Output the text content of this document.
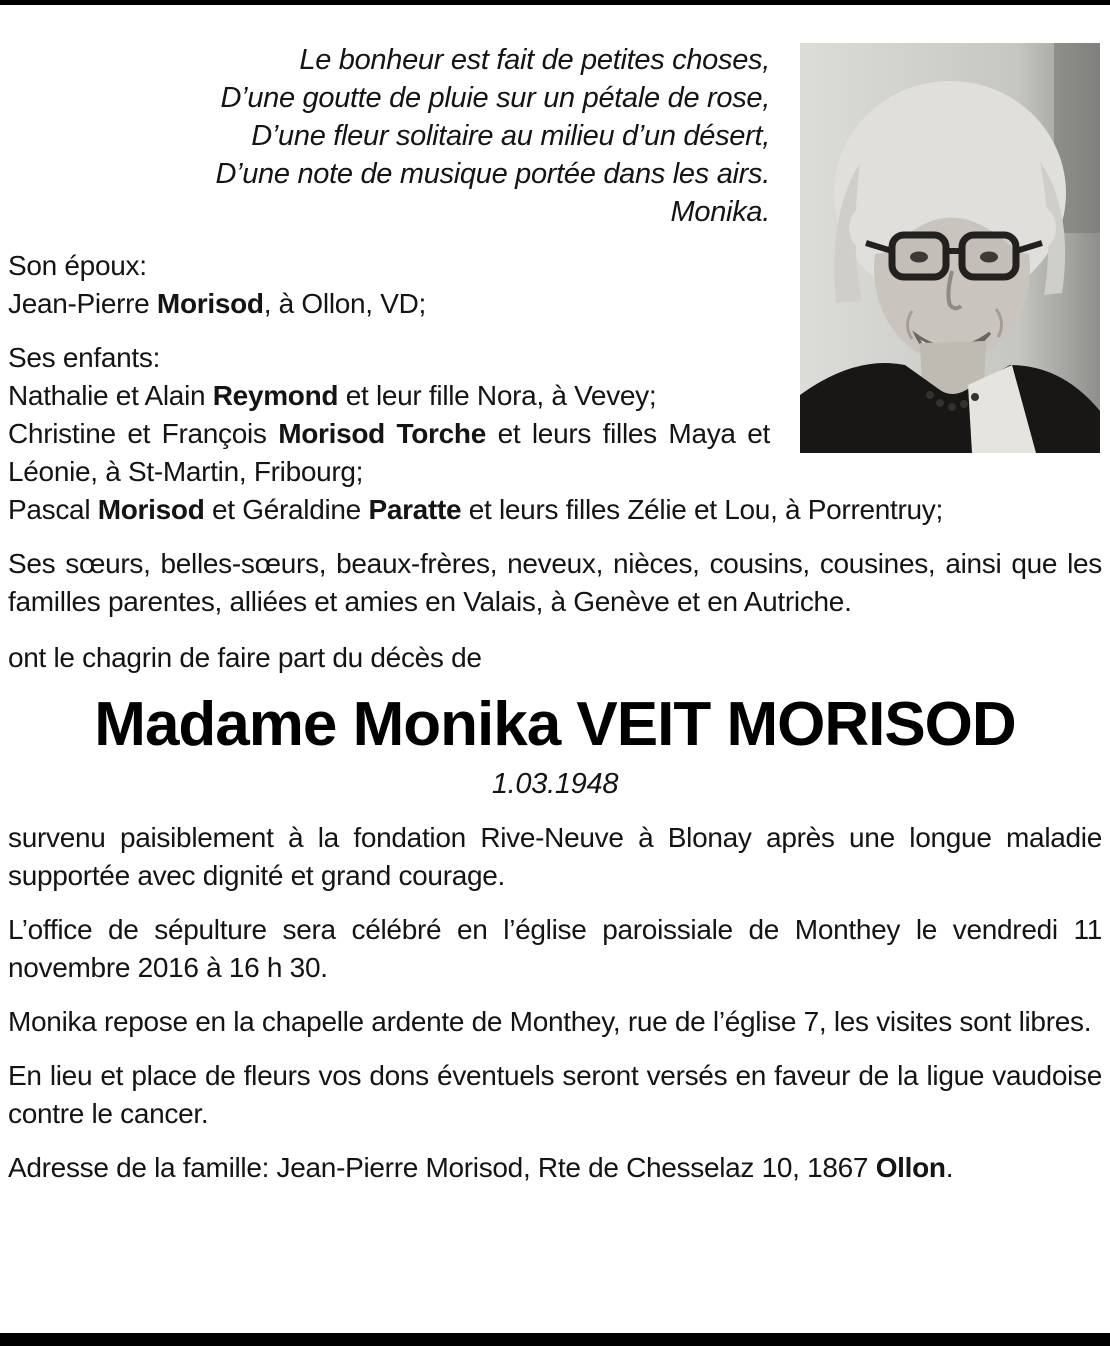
Le bonheur est fait de petites choses,
D’une goutte de pluie sur un pétale de rose,
D’une fleur solitaire au milieu d’un désert,
D’une note de musique portée dans les airs.
Monika.

Son époux:

Jean-Pierre Morisod, à Ollon, VD;

Ses enfants:

Nathalie et Alain Reymond et leur fille Nora, à Vevey;

Christine et François Morisod Torche et leurs filles Maya et Léonie, à St-Martin, Fribourg;

Pascal Morisod et Géraldine Paratte et leurs filles Zélie et Lou, à Porrentruy;

Ses sœurs, belles-sœurs, beaux-frères, neveux, nièces, cousins, cousines, ainsi que les familles parentes, alliées et amies en Valais, à Genève et en Autriche.

ont le chagrin de faire part du décès de

Madame Monika VEIT MORISOD
1.03.1948

survenu paisiblement à la fondation Rive-Neuve à Blonay après une longue maladie supportée avec dignité et grand courage.

L’office de sépulture sera célébré en l’église paroissiale de Monthey le vendredi 11 novembre 2016 à 16 h 30.

Monika repose en la chapelle ardente de Monthey, rue de l’église 7, les visites sont libres.

En lieu et place de fleurs vos dons éventuels seront versés en faveur de la ligue vaudoise contre le cancer.

Adresse de la famille: Jean-Pierre Morisod, Rte de Chesselaz 10, 1867 Ollon.
